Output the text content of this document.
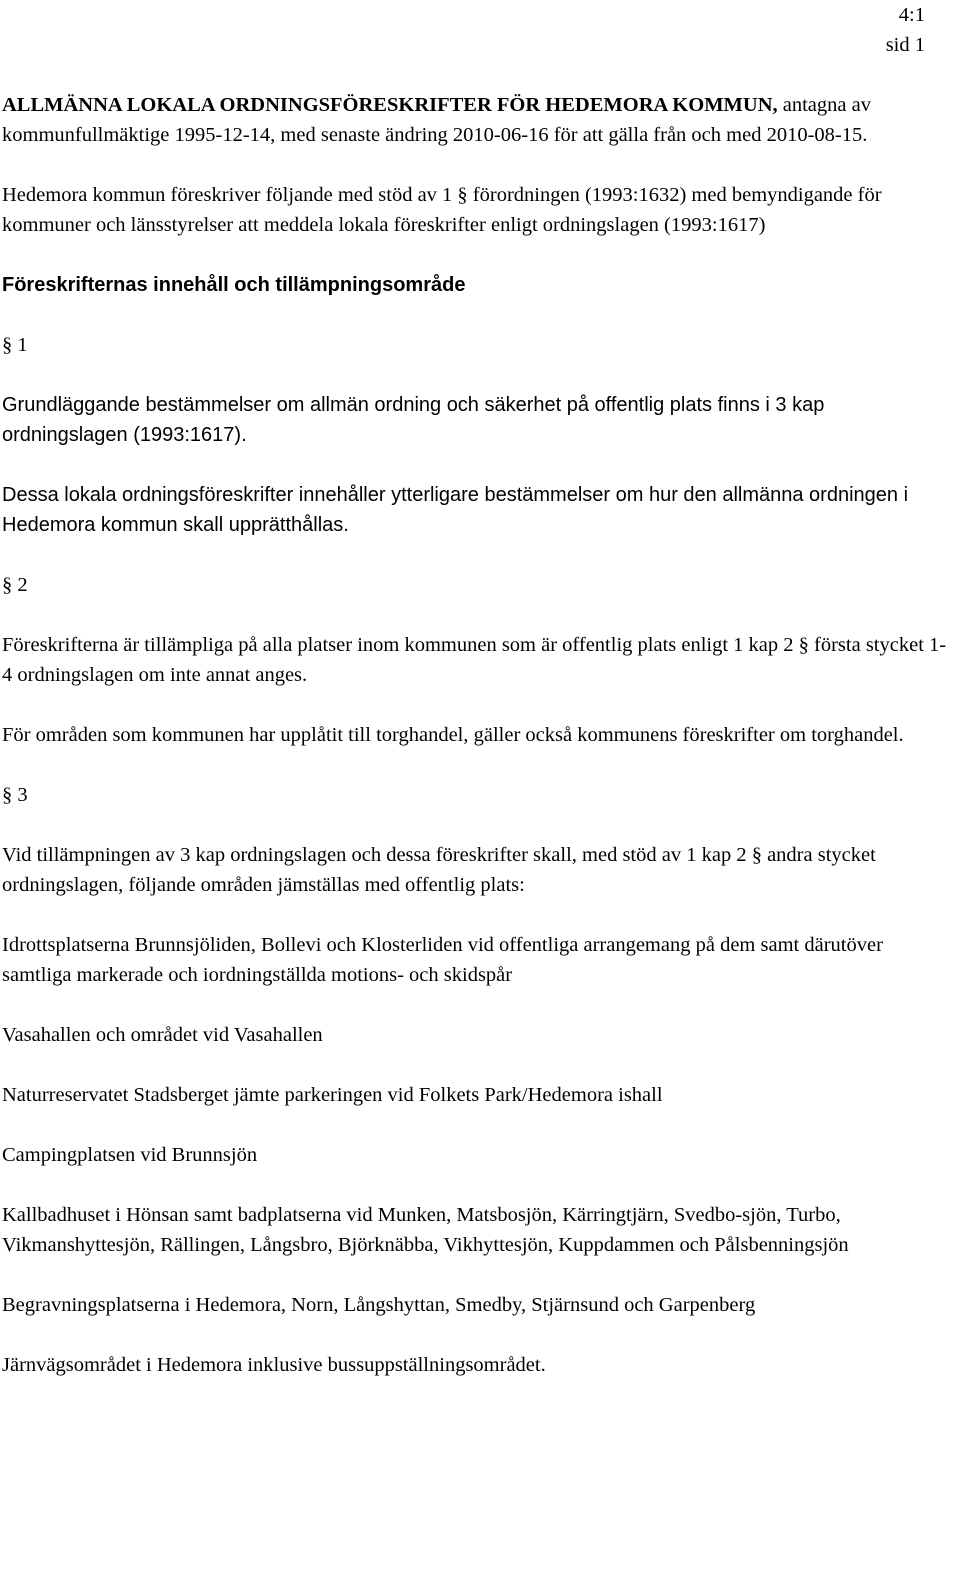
4:1
sid 1

ALLMÄNNA LOKALA ORDNINGSFÖRESKRIFTER FÖR HEDEMORA KOMMUN, antagna av kommunfullmäktige 1995-12-14, med senaste ändring 2010-06-16 för att gälla från och med 2010-08-15.

Hedemora kommun föreskriver följande med stöd av 1 § förordningen (1993:1632) med bemyndigande för kommuner och länsstyrelser att meddela lokala föreskrifter enligt ordningslagen (1993:1617)

Föreskrifternas innehåll och tillämpningsområde

§ 1

Grundläggande bestämmelser om allmän ordning och säkerhet på offentlig plats finns i 3 kap ordningslagen (1993:1617).

Dessa lokala ordningsföreskrifter innehåller ytterligare bestämmelser om hur den allmänna ordningen i Hedemora kommun skall upprätthållas.

§ 2

Föreskrifterna är tillämpliga på alla platser inom kommunen som är offentlig plats enligt 1 kap 2 § första stycket 1-4 ordningslagen om inte annat anges.

För områden som kommunen har upplåtit till torghandel, gäller också kommunens föreskrifter om torghandel.

§ 3

Vid tillämpningen av 3 kap ordningslagen och dessa föreskrifter skall, med stöd av 1 kap 2 § andra stycket ordningslagen, följande områden jämställas med offentlig plats:

Idrottsplatserna Brunnsjöliden, Bollevi och Klosterliden vid offentliga arrangemang på dem samt därutöver samtliga markerade och iordningställda motions- och skidspår

Vasahallen och området vid Vasahallen

Naturreservatet Stadsberget jämte parkeringen vid Folkets Park/Hedemora ishall

Campingplatsen vid Brunnsjön

Kallbadhuset i Hönsan samt badplatserna vid Munken, Matsbosjön, Kärringtjärn, Svedbo-sjön, Turbo, Vikmanshyttesjön, Rällingen, Långsbro, Björknäbba, Vikhyttesjön, Kuppdammen och Pålsbenningsjön

Begravningsplatserna i Hedemora, Norn, Långshyttan, Smedby, Stjärnsund och Garpenberg

Järnvägsområdet i Hedemora inklusive bussuppställningsområdet.
